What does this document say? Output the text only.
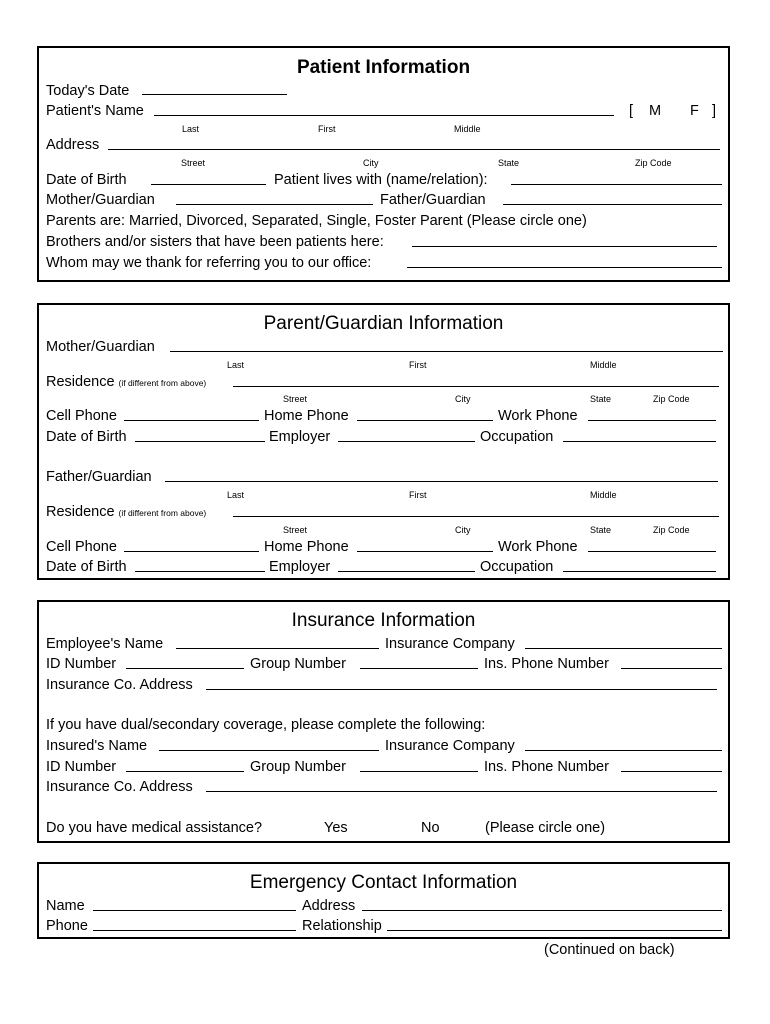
Patient Information
Today's Date
Patient's Name	[ M F ]
Last	First	Middle
Address
Street	City	State	Zip Code
Date of Birth	Patient lives with (name/relation):
Mother/Guardian	Father/Guardian
Parents are: Married, Divorced, Separated, Single, Foster Parent (Please circle one)
Brothers and/or sisters that have been patients here:
Whom may we thank for referring you to our office:
Parent/Guardian Information
Mother/Guardian
Last	First	Middle
Residence (if different from above)
Street	City	State	Zip Code
Cell Phone	Home Phone	Work Phone
Date of Birth	Employer	Occupation
Father/Guardian
Last	First	Middle
Residence (if different from above)
Street	City	State	Zip Code
Cell Phone	Home Phone	Work Phone
Date of Birth	Employer	Occupation
Insurance Information
Employee's Name	Insurance Company
ID Number	Group Number	Ins. Phone Number
Insurance Co. Address
If you have dual/secondary coverage, please complete the following:
Insured's Name	Insurance Company
ID Number	Group Number	Ins. Phone Number
Insurance Co. Address
Do you have medical assistance?	Yes	No	(Please circle one)
Emergency Contact Information
Name	Address
Phone	Relationship
(Continued on back)
